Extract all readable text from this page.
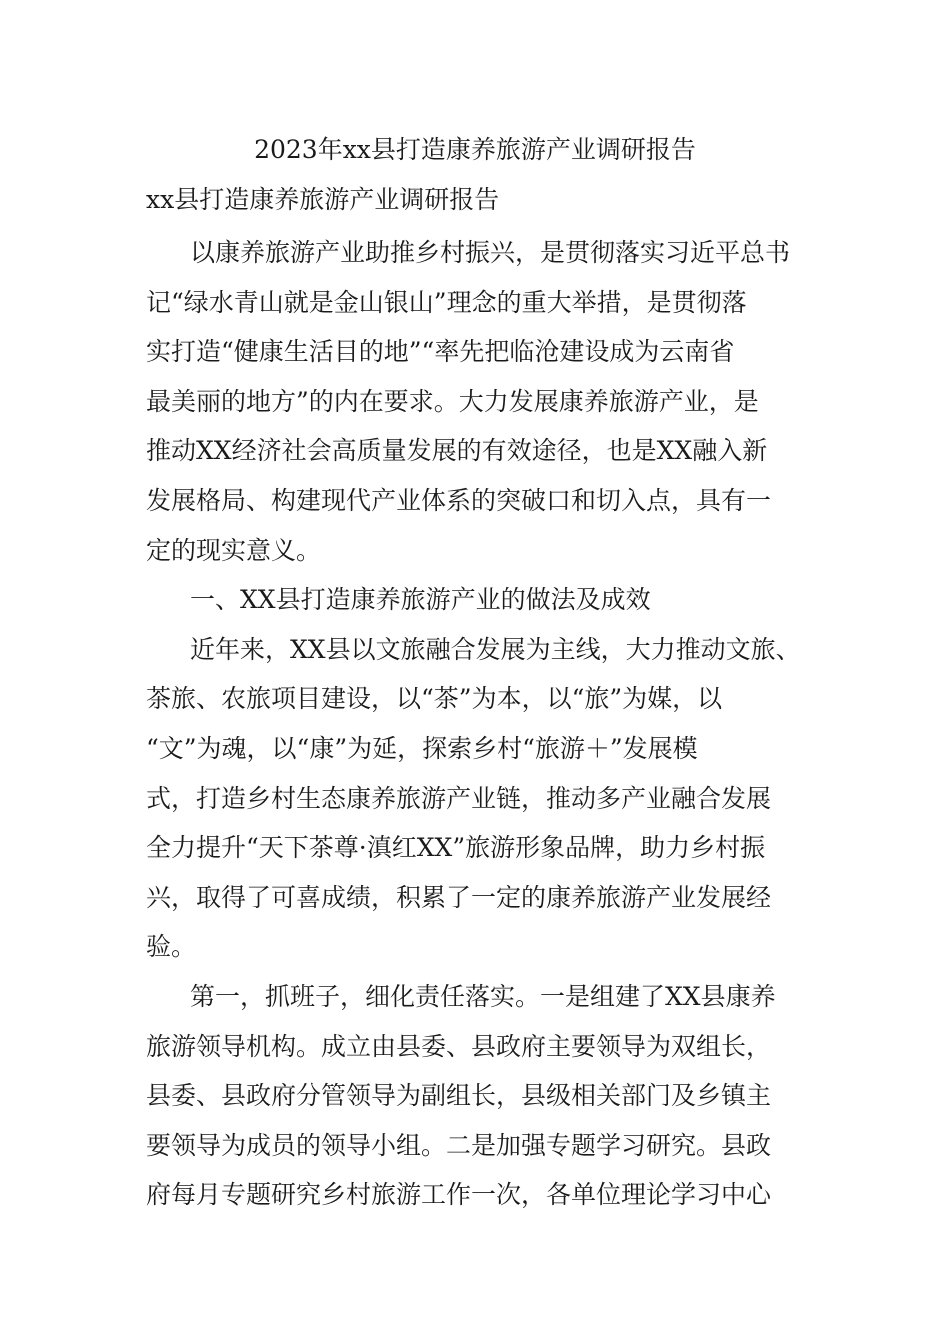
2023年xx县打造康养旅游产业调研报告
xx县打造康养旅游产业调研报告
以康养旅游产业助推乡村振兴，是贯彻落实习近平总书
记“绿水青山就是金山银山”理念的重大举措，是贯彻落
实打造“健康生活目的地”“率先把临沧建设成为云南省
最美丽的地方”的内在要求。大力发展康养旅游产业，是
推动XX经济社会高质量发展的有效途径，也是XX融入新
发展格局、构建现代产业体系的突破口和切入点，具有一
定的现实意义。
一、XX县打造康养旅游产业的做法及成效
近年来，XX县以文旅融合发展为主线，大力推动文旅、
茶旅、农旅项目建设，以“茶”为本，以“旅”为媒，以
“文”为魂，以“康”为延，探索乡村“旅游＋”发展模
式，打造乡村生态康养旅游产业链，推动多产业融合发展
全力提升“天下茶尊·滇红XX”旅游形象品牌，助力乡村振
兴，取得了可喜成绩，积累了一定的康养旅游产业发展经
验。
第一，抓班子，细化责任落实。一是组建了XX县康养
旅游领导机构。成立由县委、县政府主要领导为双组长，
县委、县政府分管领导为副组长，县级相关部门及乡镇主
要领导为成员的领导小组。二是加强专题学习研究。县政
府每月专题研究乡村旅游工作一次，各单位理论学习中心
